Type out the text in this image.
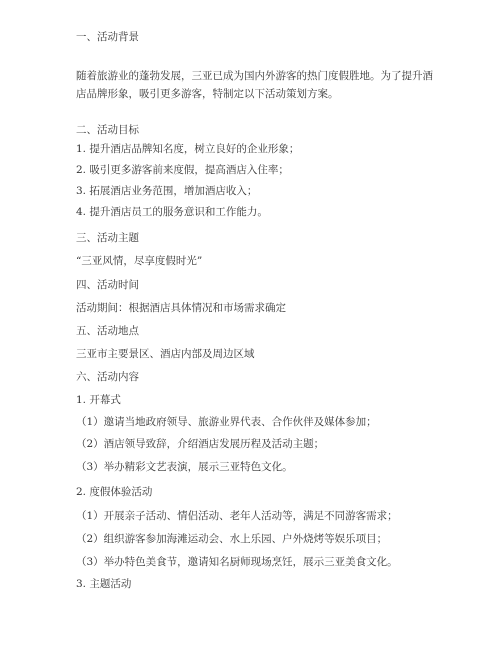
一、活动背景
随着旅游业的蓬勃发展，三亚已成为国内外游客的热门度假胜地。为了提升酒店品牌形象，吸引更多游客，特制定以下活动策划方案。
二、活动目标
1. 提升酒店品牌知名度，树立良好的企业形象；
2. 吸引更多游客前来度假，提高酒店入住率；
3. 拓展酒店业务范围，增加酒店收入；
4. 提升酒店员工的服务意识和工作能力。
三、活动主题
“三亚风情，尽享度假时光”
四、活动时间
活动期间：根据酒店具体情况和市场需求确定
五、活动地点
三亚市主要景区、酒店内部及周边区域
六、活动内容
1. 开幕式
（1）邀请当地政府领导、旅游业界代表、合作伙伴及媒体参加；
（2）酒店领导致辞，介绍酒店发展历程及活动主题；
（3）举办精彩文艺表演，展示三亚特色文化。
2. 度假体验活动
（1）开展亲子活动、情侣活动、老年人活动等，满足不同游客需求；
（2）组织游客参加海滩运动会、水上乐园、户外烧烤等娱乐项目；
（3）举办特色美食节，邀请知名厨师现场烹饪，展示三亚美食文化。
3. 主题活动
